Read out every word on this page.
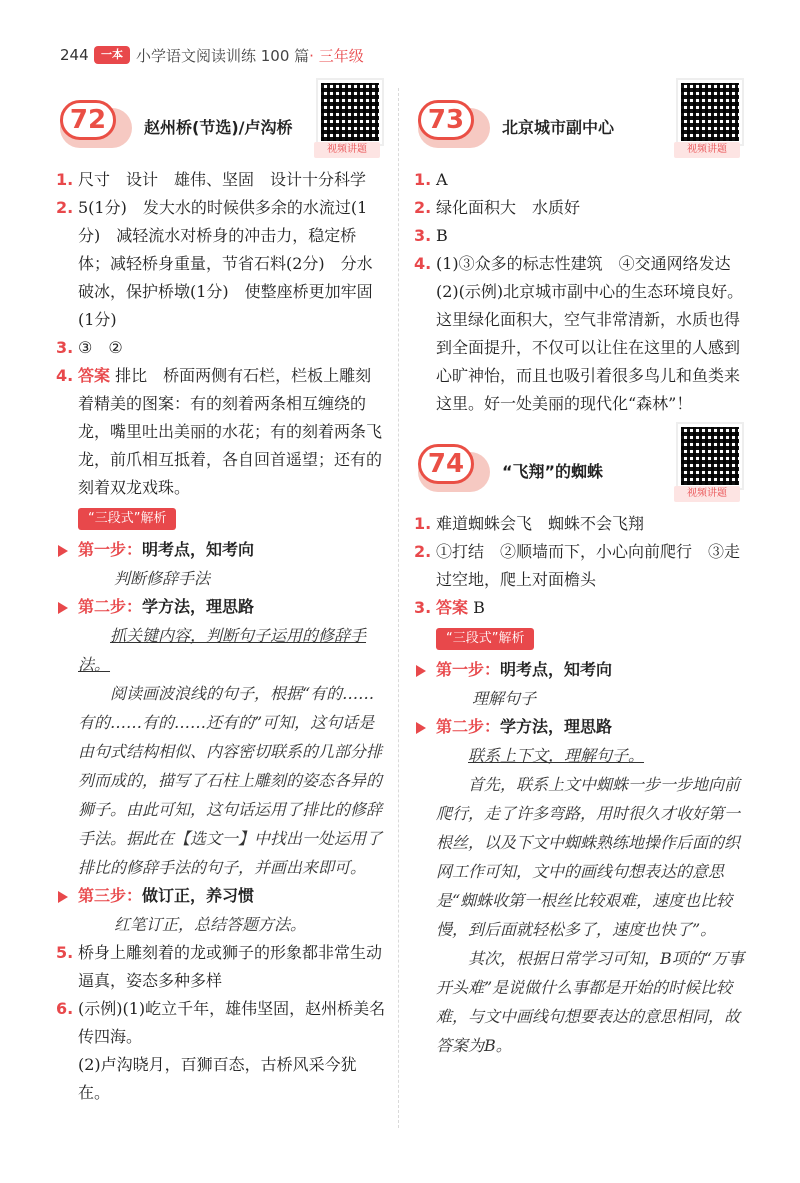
244	一本 小学语文阅读训练 100 篇· 三年级
72	赵州桥(节选)/卢沟桥
视频讲题
1. 尺寸　设计　雄伟、坚固　设计十分科学
2. 5(1分)　发大水的时候供多余的水流过(1分)　减轻流水对桥身的冲击力，稳定桥体；减轻桥身重量，节省石料(2分)　分水破冰，保护桥墩(1分)　使整座桥更加牢固(1分)
3. ③　②
4. 答案 排比　桥面两侧有石栏，栏板上雕刻着精美的图案：有的刻着两条相互缠绕的龙，嘴里吐出美丽的水花；有的刻着两条飞龙，前爪相互抵着，各自回首遥望；还有的刻着双龙戏珠。
“三段式”解析
第一步：明考点，知考向
判断修辞手法
第二步：学方法，理思路
抓关键内容，判断句子运用的修辞手法。
阅读画波浪线的句子，根据“有的……有的……有的……还有的”可知，这句话是由句式结构相似、内容密切联系的几部分排列而成的，描写了石柱上雕刻的姿态各异的狮子。由此可知，这句话运用了排比的修辞手法。据此在【选文一】中找出一处运用了排比的修辞手法的句子，并画出来即可。
第三步：做订正，养习惯
红笔订正，总结答题方法。
5. 桥身上雕刻着的龙或狮子的形象都非常生动逼真，姿态多种多样
6. (示例)(1)屹立千年，雄伟坚固，赵州桥美名传四海。
(2)卢沟晓月，百狮百态，古桥风采今犹在。
73	北京城市副中心
视频讲题
1. A
2. 绿化面积大　水质好
3. B
4. (1)③众多的标志性建筑　④交通网络发达
(2)(示例)北京城市副中心的生态环境良好。这里绿化面积大，空气非常清新，水质也得到全面提升，不仅可以让住在这里的人感到心旷神怡，而且也吸引着很多鸟儿和鱼类来这里。好一处美丽的现代化“森林”！
74	“飞翔”的蜘蛛
视频讲题
1. 难道蜘蛛会飞　蜘蛛不会飞翔
2. ①打结　②顺墙而下，小心向前爬行　③走过空地，爬上对面檐头
3. 答案 B
“三段式”解析
第一步：明考点，知考向
理解句子
第二步：学方法，理思路
联系上下文，理解句子。
首先，联系上文中蜘蛛一步一步地向前爬行，走了许多弯路，用时很久才收好第一根丝，以及下文中蜘蛛熟练地操作后面的织网工作可知，文中的画线句想表达的意思是“蜘蛛收第一根丝比较艰难，速度也比较慢，到后面就轻松多了，速度也快了”。
其次，根据日常学习可知，B项的“万事开头难”是说做什么事都是开始的时候比较难，与文中画线句想要表达的意思相同，故答案为B。
